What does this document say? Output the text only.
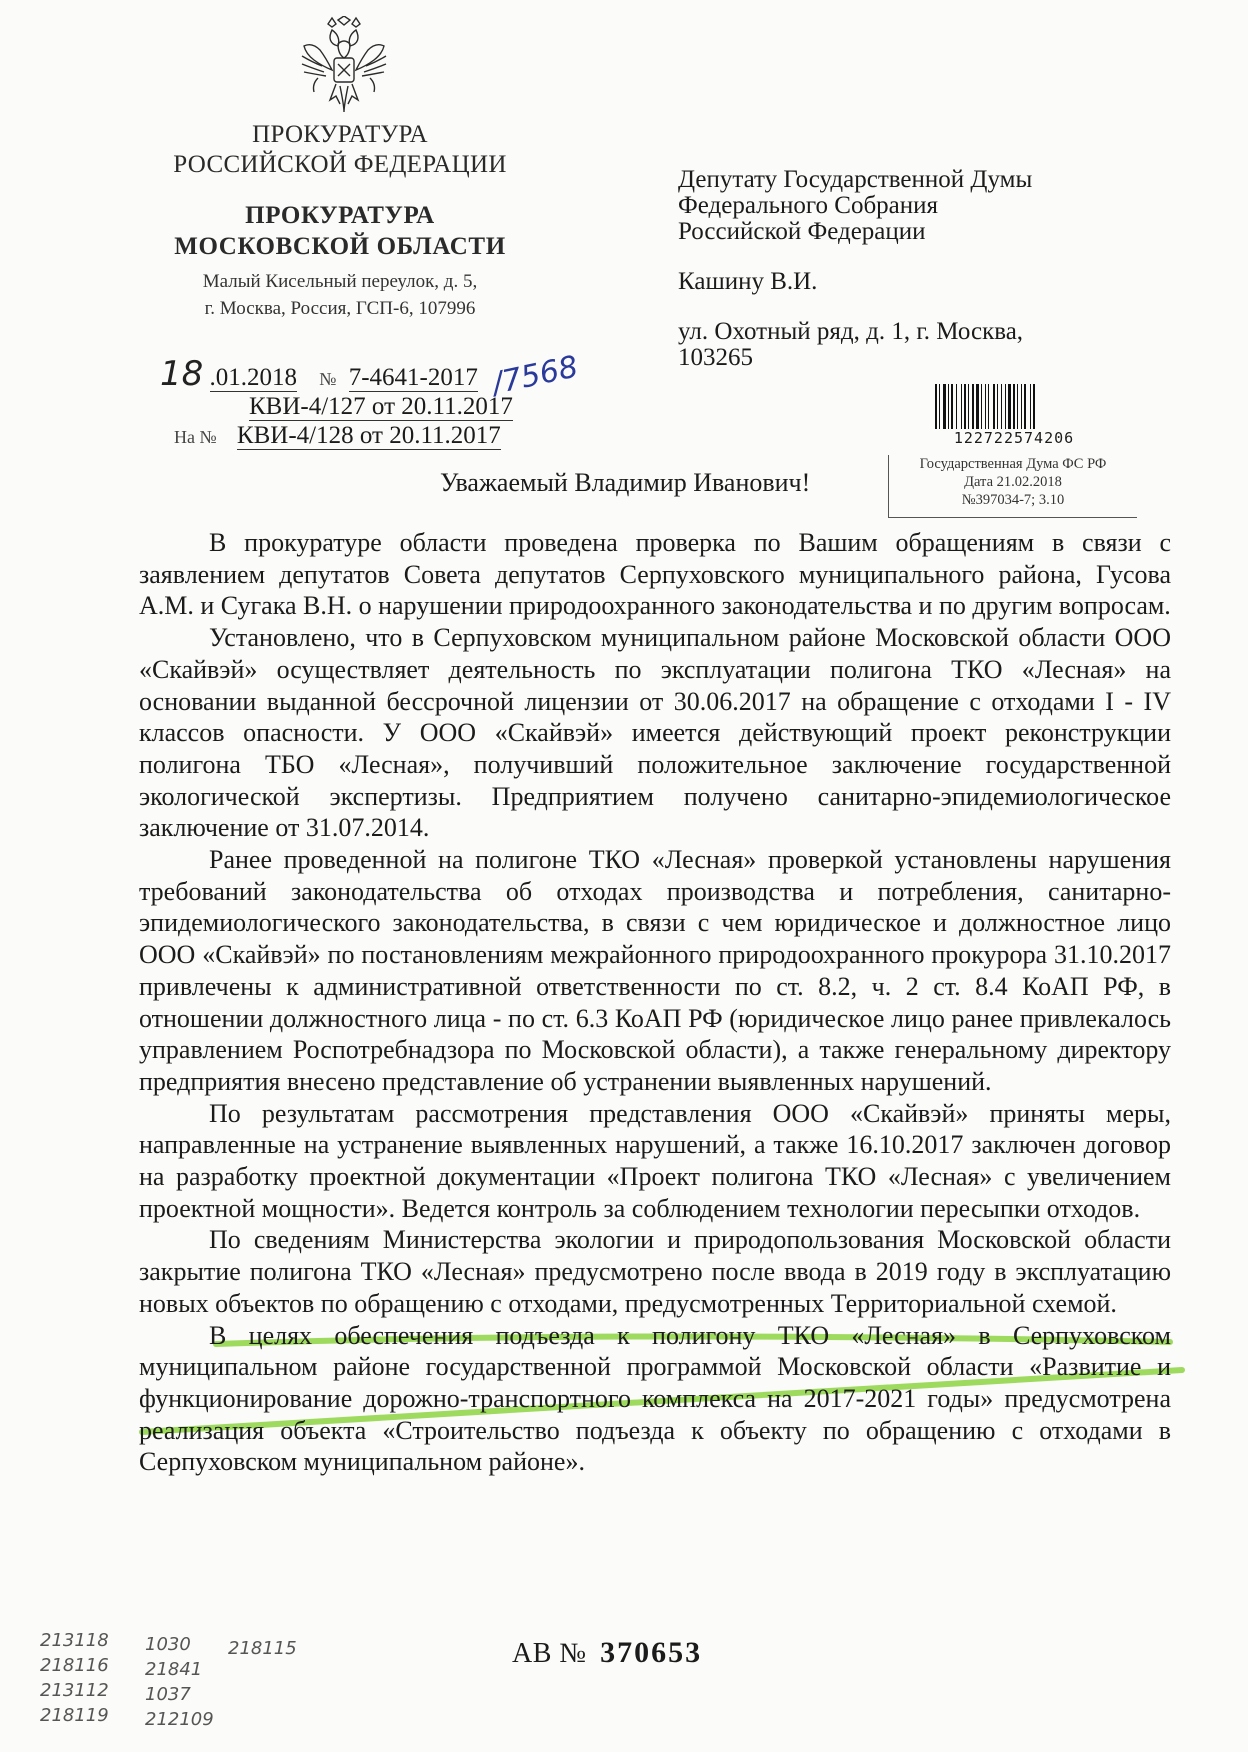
ПРОКУРАТУРА
РОССИЙСКОЙ ФЕДЕРАЦИИ
ПРОКУРАТУРА
МОСКОВСКОЙ ОБЛАСТИ
Малый Кисельный переулок, д. 5,
г. Москва, Россия, ГСП-6, 107996
Депутату Государственной Думы
Федерального Собрания
Российской Федерации
Кашину В.И.
ул. Охотный ряд, д. 1, г. Москва,
103265
18 .01.2018 № 7-4641-2017 /7568
КВИ-4/127 от 20.11.2017
На № КВИ-4/128 от 20.11.2017	122722574206
Государственная Дума ФС РФ
Дата 21.02.2018
№397034-7; 3.10
Уважаемый Владимир Иванович!

В прокуратуре области проведена проверка по Вашим обращениям в связи с заявлением депутатов Совета депутатов Серпуховского муниципального района, Гусова А.М. и Сугака В.Н. о нарушении природоохранного законодательства и по другим вопросам.

Установлено, что в Серпуховском муниципальном районе Московской области ООО «Скайвэй» осуществляет деятельность по эксплуатации полигона ТКО «Лесная» на основании выданной бессрочной лицензии от 30.06.2017 на обращение с отходами I - IV классов опасности. У ООО «Скайвэй» имеется действующий проект реконструкции полигона ТБО «Лесная», получивший положительное заключение государственной экологической экспертизы. Предприятием получено санитарно-эпидемиологическое заключение от 31.07.2014.

Ранее проведенной на полигоне ТКО «Лесная» проверкой установлены нарушения требований законодательства об отходах производства и потребления, санитарно-эпидемиологического законодательства, в связи с чем юридическое и должностное лицо ООО «Скайвэй» по постановлениям межрайонного природоохранного прокурора 31.10.2017 привлечены к административной ответственности по ст. 8.2, ч. 2 ст. 8.4 КоАП РФ, в отношении должностного лица - по ст. 6.3 КоАП РФ (юридическое лицо ранее привлекалось управлением Роспотребнадзора по Московской области), а также генеральному директору предприятия внесено представление об устранении выявленных нарушений.

По результатам рассмотрения представления ООО «Скайвэй» приняты меры, направленные на устранение выявленных нарушений, а также 16.10.2017 заключен договор на разработку проектной документации «Проект полигона ТКО «Лесная» с увеличением проектной мощности». Ведется контроль за соблюдением технологии пересыпки отходов.

По сведениям Министерства экологии и природопользования Московской области закрытие полигона ТКО «Лесная» предусмотрено после ввода в 2019 году в эксплуатацию новых объектов по обращению с отходами, предусмотренных Территориальной схемой.

В целях обеспечения подъезда к полигону ТКО «Лесная» в Серпуховском муниципальном районе государственной программой Московской области «Развитие и функционирование дорожно-транспортного комплекса на 2017-2021 годы» предусмотрена реализация объекта «Строительство подъезда к объекту по обращению с отходами в Серпуховском муниципальном районе».

АВ № 370653
213118
218116
213112
218119
1030
21841
1037
212109
218115
